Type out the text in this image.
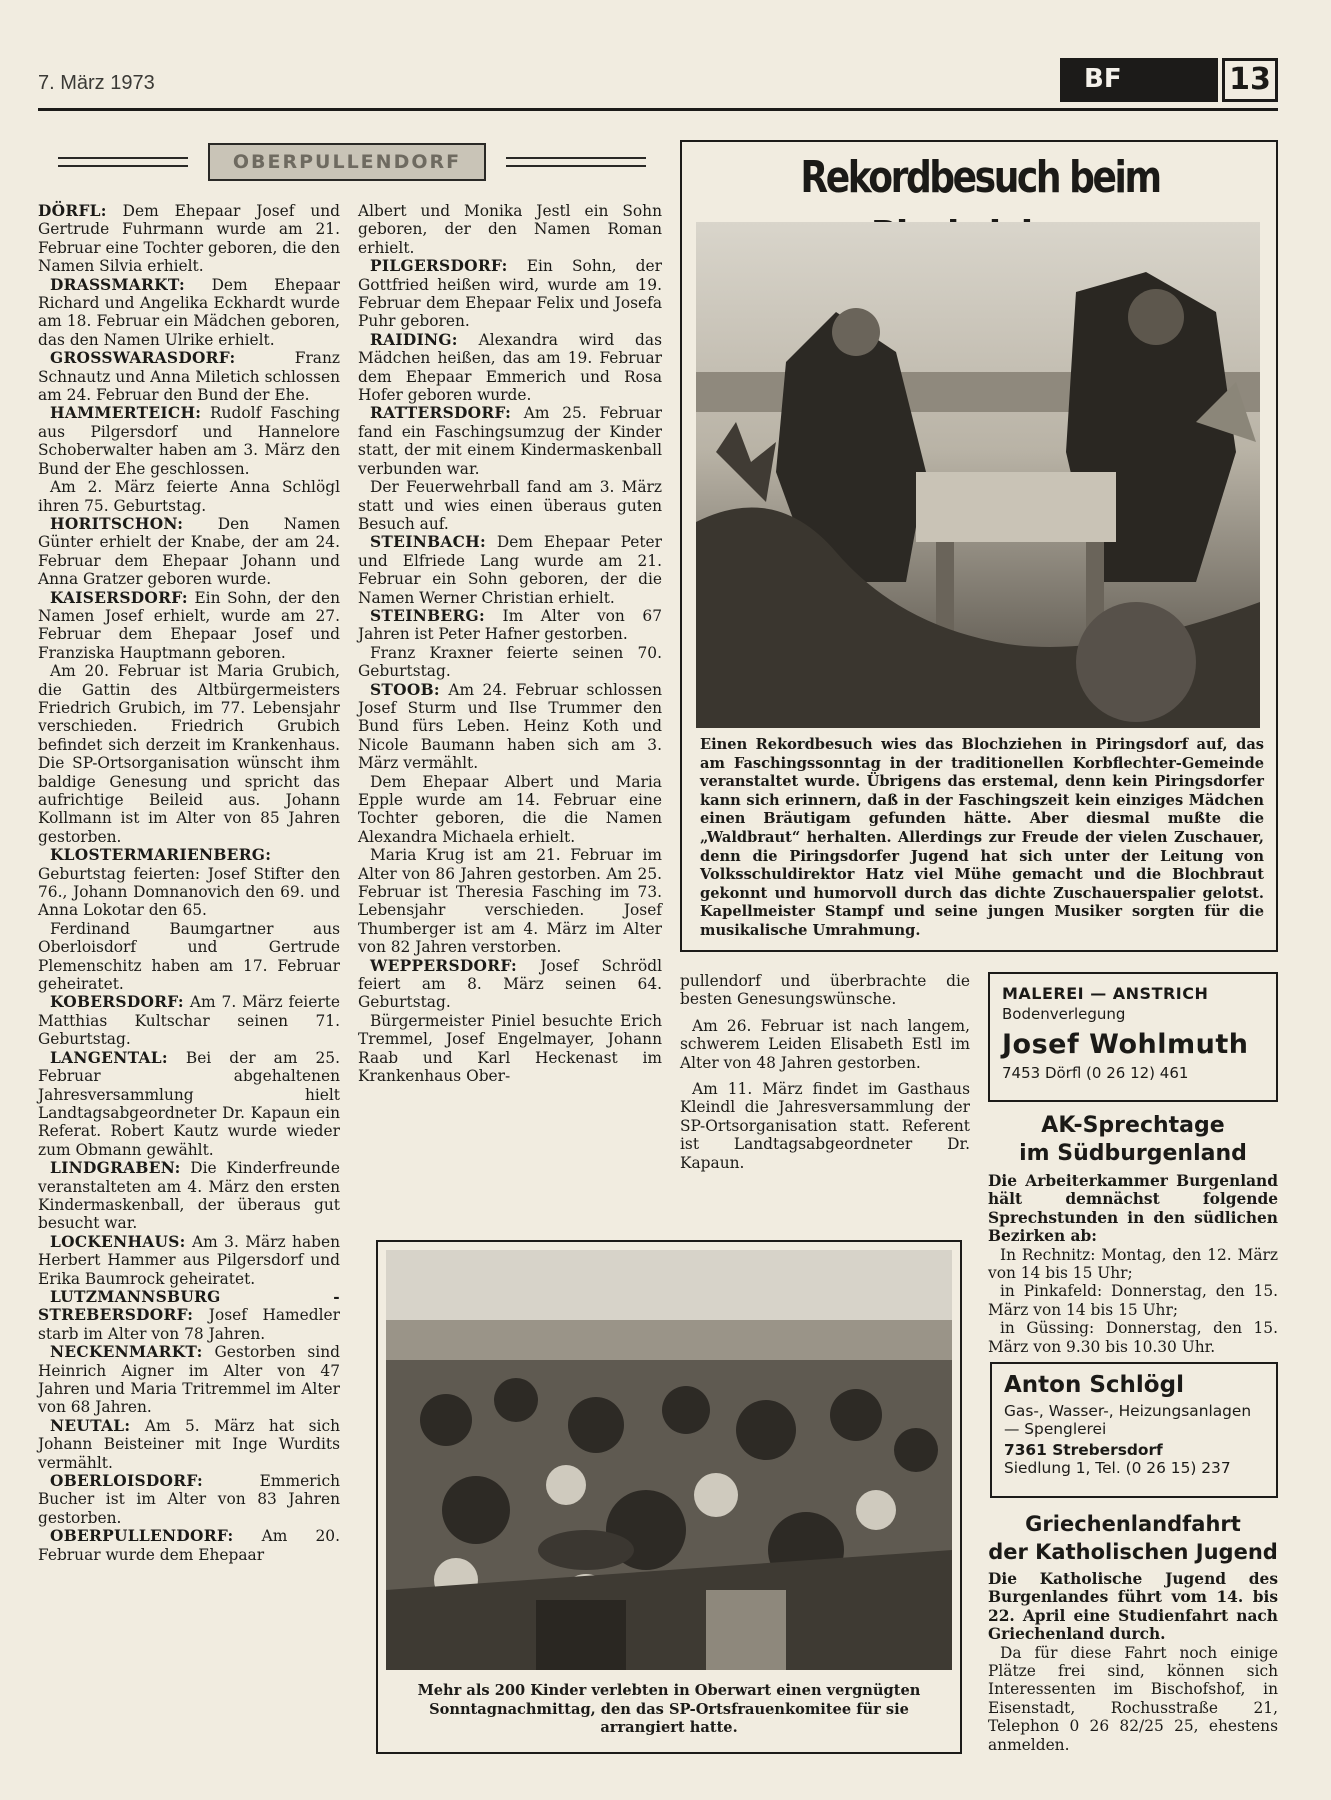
7. März 1973	BF	13
OBERPULLENDORF

DÖRFL: Dem Ehepaar Josef und Gertrude Fuhrmann wurde am 21. Februar eine Tochter geboren, die den Namen Silvia erhielt.

DRASSMARKT: Dem Ehepaar Richard und Angelika Eckhardt wurde am 18. Februar ein Mädchen geboren, das den Namen Ulrike erhielt.

GROSSWARASDORF: Franz Schnautz und Anna Miletich schlossen am 24. Februar den Bund der Ehe.

HAMMERTEICH: Rudolf Fasching aus Pilgersdorf und Hannelore Schoberwalter haben am 3. März den Bund der Ehe geschlossen.

Am 2. März feierte Anna Schlögl ihren 75. Geburtstag.

HORITSCHON: Den Namen Günter erhielt der Knabe, der am 24. Februar dem Ehepaar Johann und Anna Gratzer geboren wurde.

KAISERSDORF: Ein Sohn, der den Namen Josef erhielt, wurde am 27. Februar dem Ehepaar Josef und Franziska Hauptmann geboren.

Am 20. Februar ist Maria Grubich, die Gattin des Altbürgermeisters Friedrich Grubich, im 77. Lebensjahr verschieden. Friedrich Grubich befindet sich derzeit im Krankenhaus. Die SP-Ortsorganisation wünscht ihm baldige Genesung und spricht das aufrichtige Beileid aus. Johann Kollmann ist im Alter von 85 Jahren gestorben.

KLOSTERMARIENBERG: Geburtstag feierten: Josef Stifter den 76., Johann Domnanovich den 69. und Anna Lokotar den 65.

Ferdinand Baumgartner aus Oberloisdorf und Gertrude Plemenschitz haben am 17. Februar geheiratet.

KOBERSDORF: Am 7. März feierte Matthias Kultschar seinen 71. Geburtstag.

LANGENTAL: Bei der am 25. Februar abgehaltenen Jahresversammlung hielt Landtagsabgeordneter Dr. Kapaun ein Referat. Robert Kautz wurde wieder zum Obmann gewählt.

LINDGRABEN: Die Kinderfreunde veranstalteten am 4. März den ersten Kindermaskenball, der überaus gut besucht war.

LOCKENHAUS: Am 3. März haben Herbert Hammer aus Pilgersdorf und Erika Baumrock geheiratet.

LUTZMANNSBURG - STREBERSDORF: Josef Hamedler starb im Alter von 78 Jahren.

NECKENMARKT: Gestorben sind Heinrich Aigner im Alter von 47 Jahren und Maria Tritremmel im Alter von 68 Jahren.

NEUTAL: Am 5. März hat sich Johann Beisteiner mit Inge Wurdits vermählt.

OBERLOISDORF: Emmerich Bucher ist im Alter von 83 Jahren gestorben.

OBERPULLENDORF: Am 20. Februar wurde dem Ehepaar

Albert und Monika Jestl ein Sohn geboren, der den Namen Roman erhielt.

PILGERSDORF: Ein Sohn, der Gottfried heißen wird, wurde am 19. Februar dem Ehepaar Felix und Josefa Puhr geboren.

RAIDING: Alexandra wird das Mädchen heißen, das am 19. Februar dem Ehepaar Emmerich und Rosa Hofer geboren wurde.

RATTERSDORF: Am 25. Februar fand ein Faschingsumzug der Kinder statt, der mit einem Kindermaskenball verbunden war.

Der Feuerwehrball fand am 3. März statt und wies einen überaus guten Besuch auf.

STEINBACH: Dem Ehepaar Peter und Elfriede Lang wurde am 21. Februar ein Sohn geboren, der die Namen Werner Christian erhielt.

STEINBERG: Im Alter von 67 Jahren ist Peter Hafner gestorben.

Franz Kraxner feierte seinen 70. Geburtstag.

STOOB: Am 24. Februar schlossen Josef Sturm und Ilse Trummer den Bund fürs Leben. Heinz Koth und Nicole Baumann haben sich am 3. März vermählt.

Dem Ehepaar Albert und Maria Epple wurde am 14. Februar eine Tochter geboren, die die Namen Alexandra Michaela erhielt.

Maria Krug ist am 21. Februar im Alter von 86 Jahren gestorben. Am 25. Februar ist Theresia Fasching im 73. Lebensjahr verschieden. Josef Thumberger ist am 4. März im Alter von 82 Jahren verstorben.

WEPPERSDORF: Josef Schrödl feiert am 8. März seinen 64. Geburtstag.

Bürgermeister Piniel besuchte Erich Tremmel, Josef Engelmayer, Johann Raab und Karl Heckenast im Krankenhaus Ober-

Rekordbesuch beim
Einen Rekordbesuch wies das Blochziehen in Piringsdorf auf, das am Faschingssonntag in der traditionellen Korbflechter-Gemeinde veranstaltet wurde. Übrigens das erstemal, denn kein Piringsdorfer kann sich erinnern, daß in der Faschingszeit kein einziges Mädchen einen Bräutigam gefunden hätte. Aber diesmal mußte die „Waldbraut“ herhalten. Allerdings zur Freude der vielen Zuschauer, denn die Piringsdorfer Jugend hat sich unter der Leitung von Volksschuldirektor Hatz viel Mühe gemacht und die Blochbraut gekonnt und humorvoll durch das dichte Zuschauerspalier gelotst. Kapellmeister Stampf und seine jungen Musiker sorgten für die musikalische Umrahmung.

pullendorf und überbrachte die besten Genesungswünsche.

Am 26. Februar ist nach langem, schwerem Leiden Elisabeth Estl im Alter von 48 Jahren gestorben.

Am 11. März findet im Gasthaus Kleindl die Jahresversammlung der SP-Ortsorganisation statt. Referent ist Landtagsabgeordneter Dr. Kapaun.

Mehr als 200 Kinder verlebten in Oberwart einen vergnügten Sonntagnachmittag, den das SP-Ortsfrauenkomitee für sie arrangiert hatte.
MALEREI — ANSTRICH
Bodenverlegung
Josef Wohlmuth
7453 Dörfl (0 26 12) 461
AK-Sprechtage
im Südburgenland

Die Arbeiterkammer Burgenland hält demnächst folgende Sprechstunden in den südlichen Bezirken ab:

In Rechnitz: Montag, den 12. März von 14 bis 15 Uhr;

in Pinkafeld: Donnerstag, den 15. März von 14 bis 15 Uhr;

in Güssing: Donnerstag, den 15. März von 9.30 bis 10.30 Uhr.

Anton Schlögl
Gas-, Wasser-, Heizungsanlagen
— Spenglerei
7361 Strebersdorf
Siedlung 1, Tel. (0 26 15) 237
Griechenlandfahrt
der Katholischen Jugend

Die Katholische Jugend des Burgenlandes führt vom 14. bis 22. April eine Studienfahrt nach Griechenland durch.

Da für diese Fahrt noch einige Plätze frei sind, können sich Interessenten im Bischofshof, in Eisenstadt, Rochusstraße 21, Telephon 0 26 82/25 25, ehestens anmelden.
